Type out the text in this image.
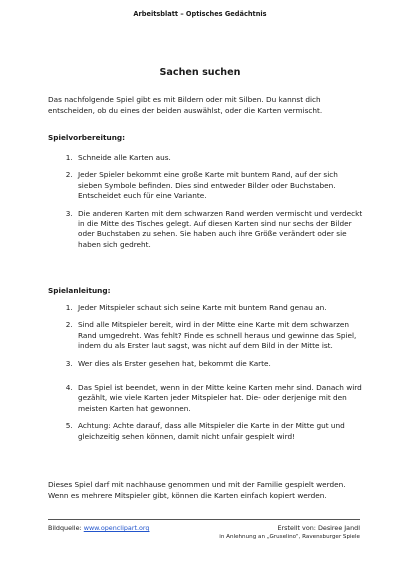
Arbeitsblatt – Optisches Gedächtnis
Sachen suchen

Das nachfolgende Spiel gibt es mit Bildern oder mit Silben. Du kannst dich entscheiden, ob du eines der beiden auswählst, oder die Karten vermischt.

Spielvorbereitung:

1. Schneide alle Karten aus.
2. Jeder Spieler bekommt eine große Karte mit buntem Rand, auf der sich sieben Symbole befinden. Dies sind entweder Bilder oder Buchstaben. Entscheidet euch für eine Variante.
3. Die anderen Karten mit dem schwarzen Rand werden vermischt und verdeckt in die Mitte des Tisches gelegt. Auf diesen Karten sind nur sechs der Bilder oder Buchstaben zu sehen. Sie haben auch ihre Größe verändert oder sie haben sich gedreht.

Spielanleitung:

1. Jeder Mitspieler schaut sich seine Karte mit buntem Rand genau an.
2. Sind alle Mitspieler bereit, wird in der Mitte eine Karte mit dem schwarzen Rand umgedreht. Was fehlt? Finde es schnell heraus und gewinne das Spiel, indem du als Erster laut sagst, was nicht auf dem Bild in der Mitte ist.
3. Wer dies als Erster gesehen hat, bekommt die Karte.
4. Das Spiel ist beendet, wenn in der Mitte keine Karten mehr sind. Danach wird gezählt, wie viele Karten jeder Mitspieler hat. Die- oder derjenige mit den meisten Karten hat gewonnen.
5. Achtung: Achte darauf, dass alle Mitspieler die Karte in der Mitte gut und gleichzeitig sehen können, damit nicht unfair gespielt wird!

Dieses Spiel darf mit nachhause genommen und mit der Familie gespielt werden. Wenn es mehrere Mitspieler gibt, können die Karten einfach kopiert werden.

Bildquelle: www.openclipart.org	Erstellt von: Desiree Jandl
in Anlehnung an „Gruselino“, Ravensburger Spiele
